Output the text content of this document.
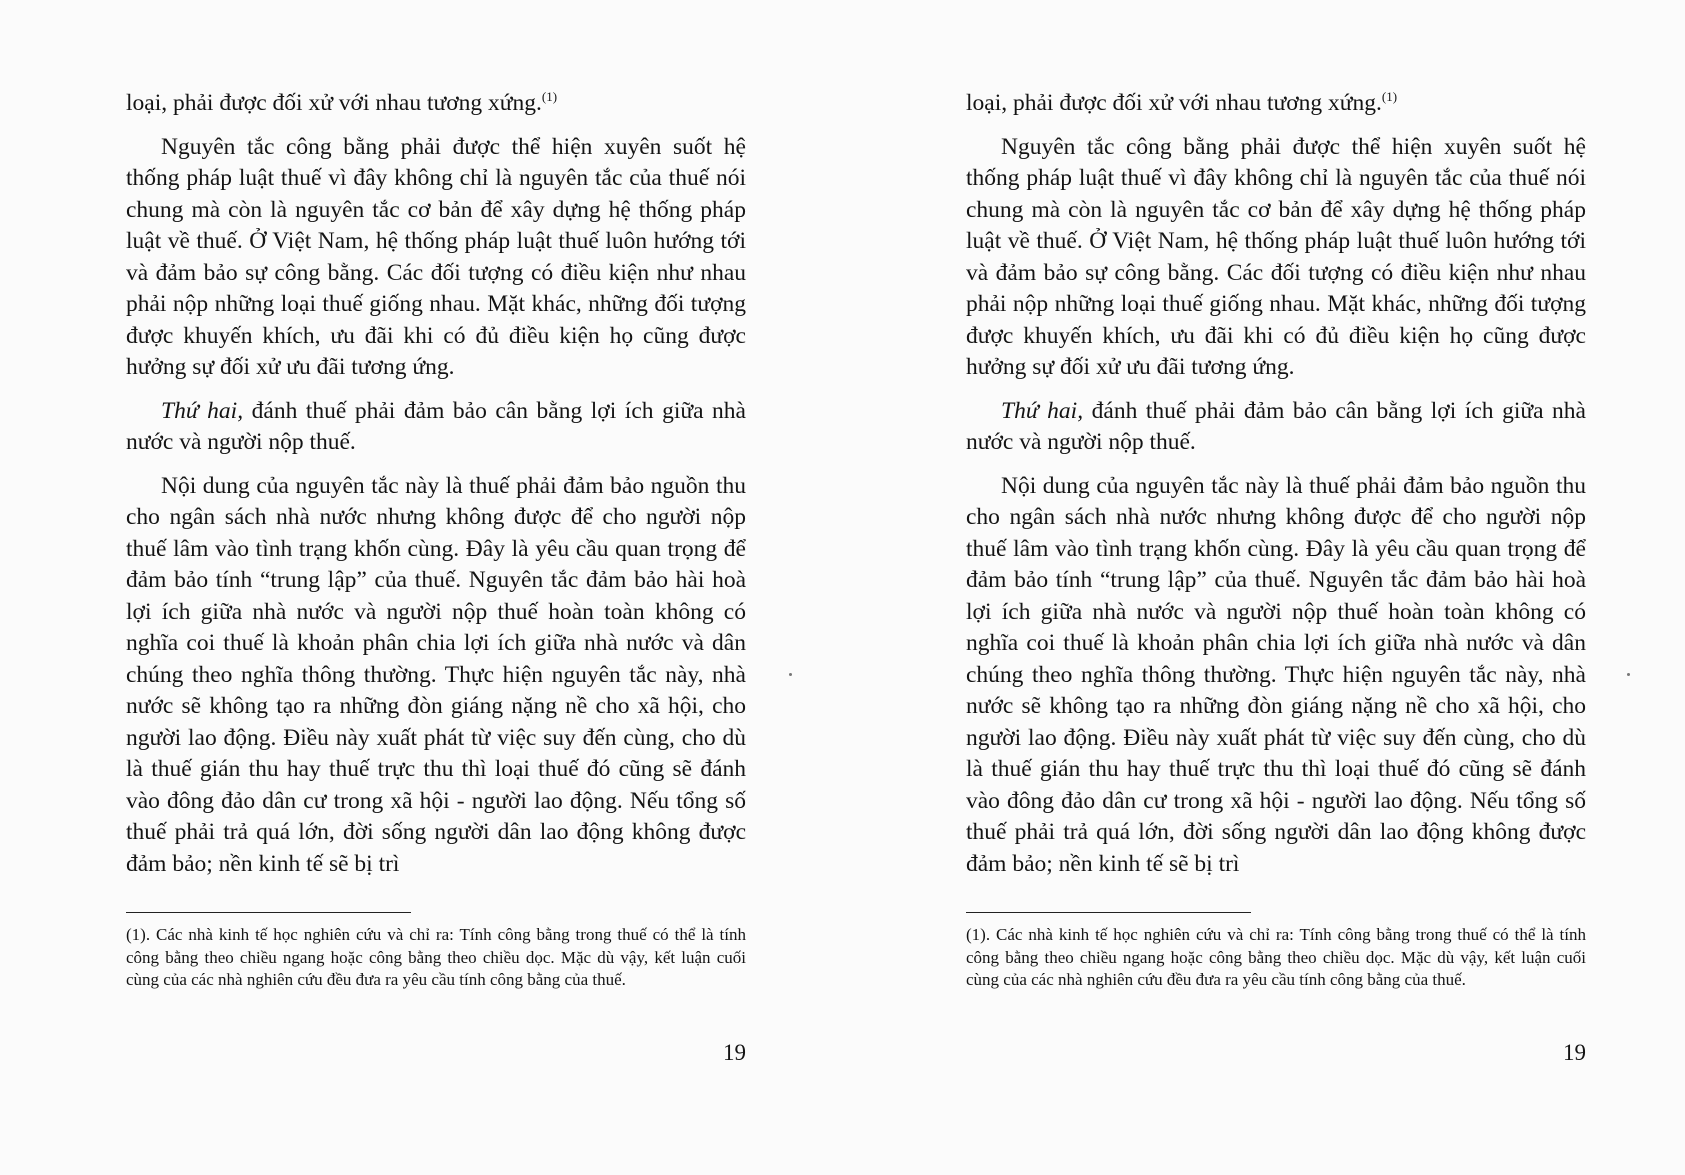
loại, phải được đối xử với nhau tương xứng.$^{(1)}$

Nguyên tắc công bằng phải được thể hiện xuyên suốt hệ thống pháp luật thuế vì đây không chỉ là nguyên tắc của thuế nói chung mà còn là nguyên tắc cơ bản để xây dựng hệ thống pháp luật về thuế. Ở Việt Nam, hệ thống pháp luật thuế luôn hướng tới và đảm bảo sự công bằng. Các đối tượng có điều kiện như nhau phải nộp những loại thuế giống nhau. Mặt khác, những đối tượng được khuyến khích, ưu đãi khi có đủ điều kiện họ cũng được hưởng sự đối xử ưu đãi tương ứng.

Thứ hai, đánh thuế phải đảm bảo cân bằng lợi ích giữa nhà nước và người nộp thuế.

Nội dung của nguyên tắc này là thuế phải đảm bảo nguồn thu cho ngân sách nhà nước nhưng không được để cho người nộp thuế lâm vào tình trạng khốn cùng. Đây là yêu cầu quan trọng để đảm bảo tính “trung lập” của thuế. Nguyên tắc đảm bảo hài hoà lợi ích giữa nhà nước và người nộp thuế hoàn toàn không có nghĩa coi thuế là khoản phân chia lợi ích giữa nhà nước và dân chúng theo nghĩa thông thường. Thực hiện nguyên tắc này, nhà nước sẽ không tạo ra những đòn giáng nặng nề cho xã hội, cho người lao động. Điều này xuất phát từ việc suy đến cùng, cho dù là thuế gián thu hay thuế trực thu thì loại thuế đó cũng sẽ đánh vào đông đảo dân cư trong xã hội - người lao động. Nếu tổng số thuế phải trả quá lớn, đời sống người dân lao động không được đảm bảo; nền kinh tế sẽ bị trì

(1). Các nhà kinh tế học nghiên cứu và chỉ ra: Tính công bằng trong thuế có thể là tính công bằng theo chiều ngang hoặc công bằng theo chiều dọc. Mặc dù vậy, kết luận cuối cùng của các nhà nghiên cứu đều đưa ra yêu cầu tính công bằng của thuế.

19

loại, phải được đối xử với nhau tương xứng.$^{(1)}$

Nguyên tắc công bằng phải được thể hiện xuyên suốt hệ thống pháp luật thuế vì đây không chỉ là nguyên tắc của thuế nói chung mà còn là nguyên tắc cơ bản để xây dựng hệ thống pháp luật về thuế. Ở Việt Nam, hệ thống pháp luật thuế luôn hướng tới và đảm bảo sự công bằng. Các đối tượng có điều kiện như nhau phải nộp những loại thuế giống nhau. Mặt khác, những đối tượng được khuyến khích, ưu đãi khi có đủ điều kiện họ cũng được hưởng sự đối xử ưu đãi tương ứng.

Thứ hai, đánh thuế phải đảm bảo cân bằng lợi ích giữa nhà nước và người nộp thuế.

Nội dung của nguyên tắc này là thuế phải đảm bảo nguồn thu cho ngân sách nhà nước nhưng không được để cho người nộp thuế lâm vào tình trạng khốn cùng. Đây là yêu cầu quan trọng để đảm bảo tính “trung lập” của thuế. Nguyên tắc đảm bảo hài hoà lợi ích giữa nhà nước và người nộp thuế hoàn toàn không có nghĩa coi thuế là khoản phân chia lợi ích giữa nhà nước và dân chúng theo nghĩa thông thường. Thực hiện nguyên tắc này, nhà nước sẽ không tạo ra những đòn giáng nặng nề cho xã hội, cho người lao động. Điều này xuất phát từ việc suy đến cùng, cho dù là thuế gián thu hay thuế trực thu thì loại thuế đó cũng sẽ đánh vào đông đảo dân cư trong xã hội - người lao động. Nếu tổng số thuế phải trả quá lớn, đời sống người dân lao động không được đảm bảo; nền kinh tế sẽ bị trì

(1). Các nhà kinh tế học nghiên cứu và chỉ ra: Tính công bằng trong thuế có thể là tính công bằng theo chiều ngang hoặc công bằng theo chiều dọc. Mặc dù vậy, kết luận cuối cùng của các nhà nghiên cứu đều đưa ra yêu cầu tính công bằng của thuế.

19
